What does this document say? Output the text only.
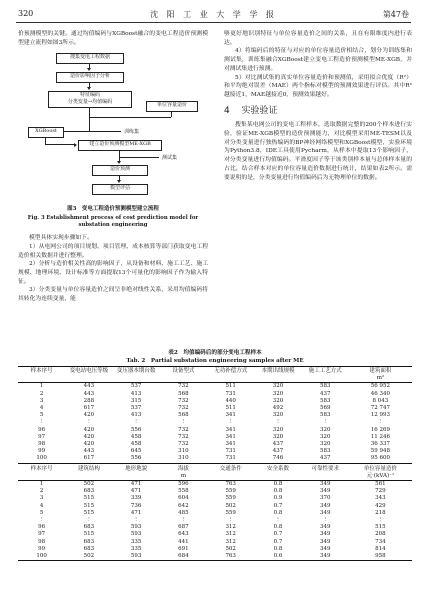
320	沈 阳 工 业 大 学 学 报	第47卷

价预测模型的关键。通过均值编码与XGBoost融合的变电工程造价预测模型建立流程如图3所示。

搜集变电工程数据
造价影响因子分析
特征编码
分类变量→均值编码	单位容量造价
XGBoost	训练集
建立造价预测模型ME-XGB
测试集
造价预测
模型评估
图3　变电工程造价预测模型建立流程
Fig. 3 Establishment process of cost prediction model for substation engineering

模型具体实现步骤如下。

1）从电网公司的项目规划、项目管理、成本核算等部门获取变电工程造价相关数据并进行整理。

2）分析与造价相关性高的影响因子，从设备和材料、施工工艺、施工规模、地理环境、设计标准等方面提取13个可量化的影响因子作为输入特征。

3）分类变量与单位容量造价之间呈非绝对线性关系，采用均值编码将其转化为连续变量，能

够更好地识别特征与单位容量造价之间的关系，且在有限维度内进行表达。

4）将编码后的特征与对应的单位容量造价相结合，划分为训练集和测试集，训练集融合XGBoost建立变电工程造价预测模型ME-XGB，并对测试集进行预测。

5）对比测试集的真实单位容量造价和预测值，采用拟合优度（R²）和平均绝对误差（MAE）两个指标对模型的预测效果进行评估。其中R²越接近1，MAE越接近0，预测效果越好。

4 实验验证

搜集某电网公司的变电工程样本，选取数据完整的200个样本进行实验，验证ME-XGB模型的造价预测能力，对比模型采用ME-TESM以及对分类变量进行独热编码的BP神经网络模型和XGBoost模型，实验环境为Python3.8，IDE工具使用Pycharm，从样本中提取13个影响因子，对分类变量进行均值编码。平滑度因子等于该类别样本量与总体样本量的占比，结合样本对应的单位容量造价数据进行统计，结果如表2所示。需要说明的是，分类变量进行均值编码后为无物理单位的数据。

表2　均值编码后的部分变电工程样本
Tab. 2　Partial substation engineering samples after ME
样本序号	变电站电压等级	变压器本期台数	设备型式	无功补偿方式	本期出线规模	施工工艺方式	建筑面积
							m²
1	443	537	732	511	320	583	56 952
2	443	413	568	731	320	437	46 340
3	288	315	732	440	320	583	8 043
4	617	537	732	511	492	569	72 747
5	420	413	568	341	320	583	12 993
⋮	⋮	⋮	⋮	⋮	⋮	⋮	⋮
96	420	556	732	341	320	320	16 269
97	420	458	732	341	320	320	11 246
98	420	458	732	341	437	320	36 337
99	443	645	310	731	437	583	59 948
100	617	556	310	731	746	437	95 600

样本序号	建筑结构	地形地貌	海拔	交通条件	安全系数	可靠性要求	单位容量造价
			m				元·(kVA)⁻¹
1	502	471	596	763	0.8	349	561
2	683	471	558	559	0.8	349	729
3	515	339	604	559	0.9	370	343
4	515	736	642	502	0.7	349	429
5	515	471	485	559	0.8	349	218
⋮	⋮	⋮	⋮	⋮	⋮	⋮	⋮
96	683	593	687	312	0.8	349	515
97	515	593	643	312	0.7	349	208
98	683	335	441	312	0.7	349	734
99	683	335	691	502	0.8	349	814
100	502	593	684	763	0.6	349	958
